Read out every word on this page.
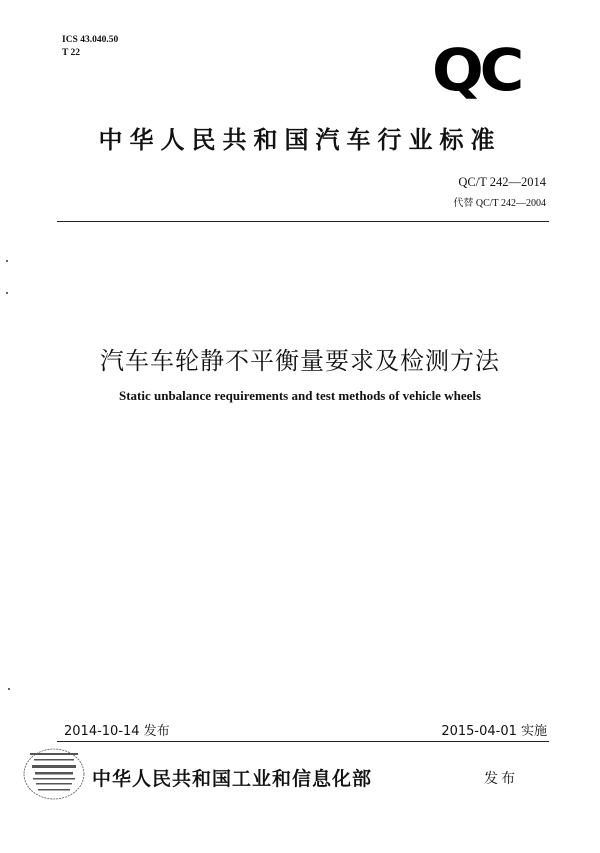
ICS 43.040.50
T 22	QC
中华人民共和国汽车行业标准
QC/T 242—2014
代替 QC/T 242—2004
汽车车轮静不平衡量要求及检测方法
Static unbalance requirements and test methods of vehicle wheels
2014-10-14 发布	2015-04-01 实施
中华人民共和国工业和信息化部	发布
